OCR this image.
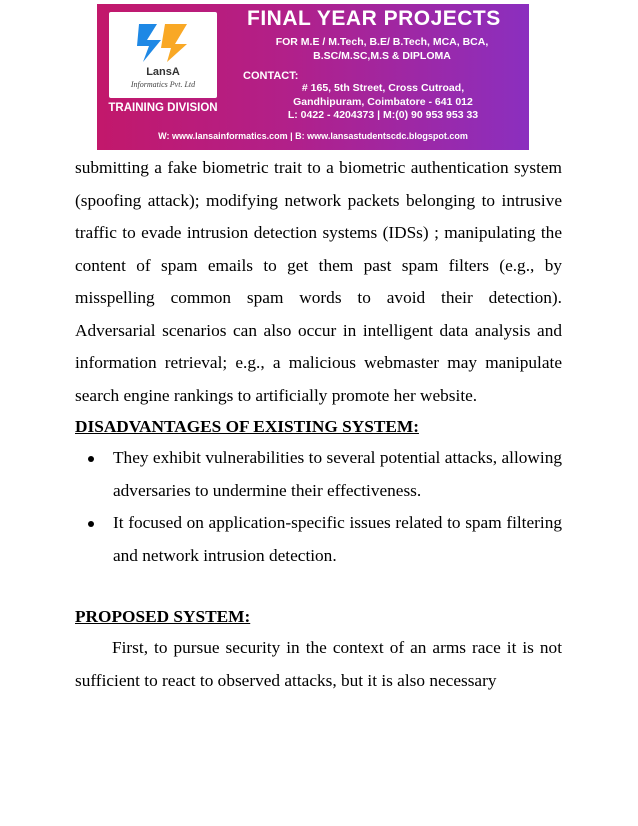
LansA
Informatics Pvt. Ltd
TRAINING DIVISION
FINAL YEAR PROJECTS
FOR M.E / M.Tech, B.E/ B.Tech, MCA, BCA,
B.SC/M.SC,M.S & DIPLOMA
CONTACT:
# 165, 5th Street, Cross Cutroad,
Gandhipuram, Coimbatore - 641 012
L: 0422 - 4204373 | M:(0) 90 953 953 33
W: www.lansainformatics.com | B: www.lansastudentscdc.blogspot.com

submitting a fake biometric trait to a biometric authentication system (spoofing attack); modifying network packets belonging to intrusive traffic to evade intrusion detection systems (IDSs) ; manipulating the content of spam emails to get them past spam filters (e.g., by misspelling common spam words to avoid their detection). Adversarial scenarios can also occur in intelligent data analysis and information retrieval; e.g., a malicious webmaster may manipulate search engine rankings to artificially promote her website.

DISADVANTAGES OF EXISTING SYSTEM:

They exhibit vulnerabilities to several potential attacks, allowing adversaries to undermine their effectiveness.
It focused on application-specific issues related to spam filtering and network intrusion detection.

PROPOSED SYSTEM:

First, to pursue security in the context of an arms race it is not sufficient to react to observed attacks, but it is also necessary
